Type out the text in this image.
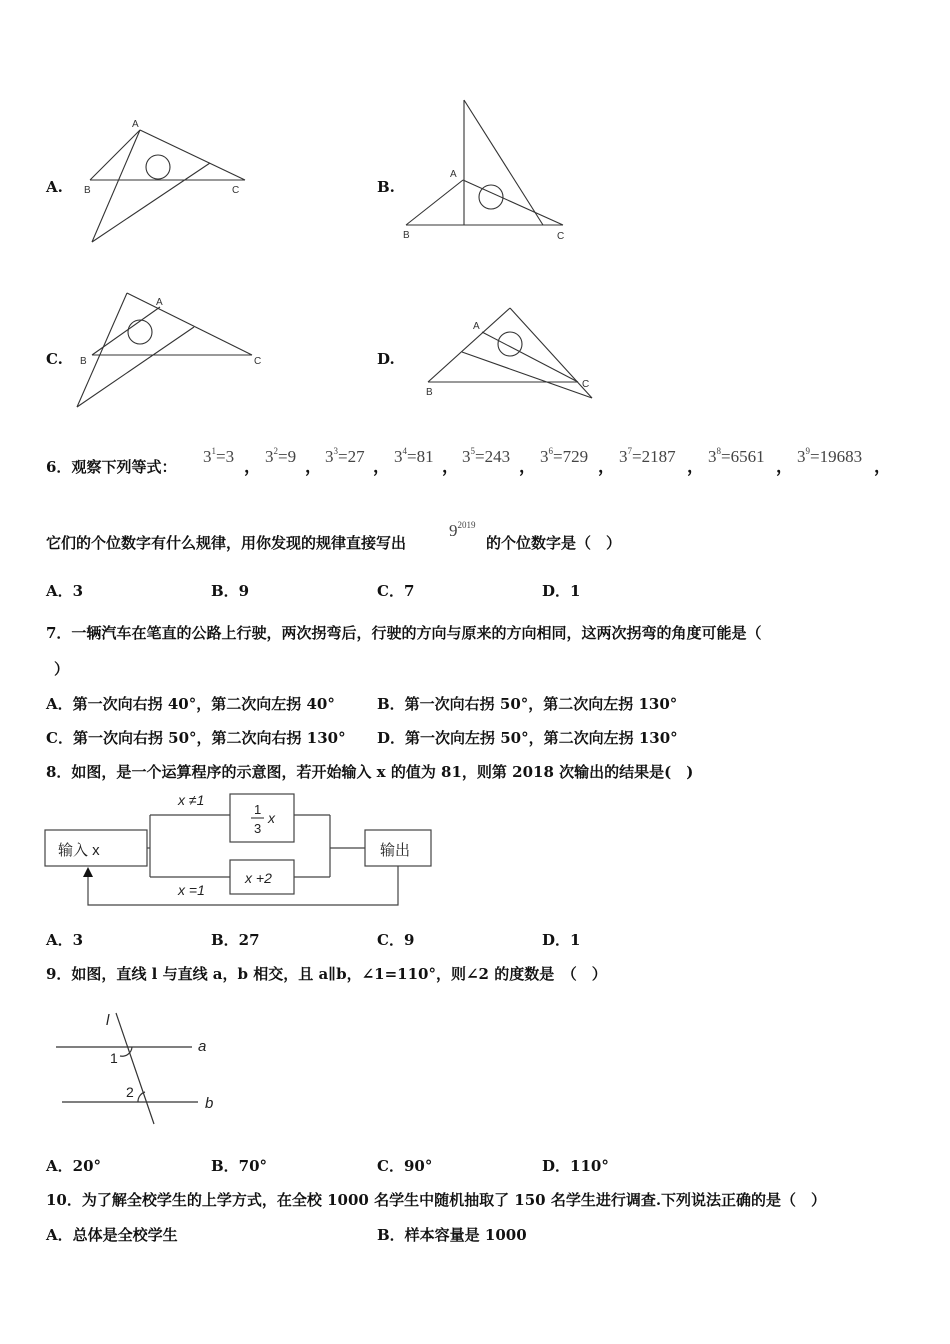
A.
A
B	C	B.
A
B	C
C.
A
B	C	D.
A
B
C
6．观察下列等式：
$3^1=3$
，
$3^2=9$
，
$3^3=27$
，
$3^4=81$
，
$3^5=243$
，
$3^6=729$
，
$3^7=2187$
，
$3^8=6561$
，
$3^9=19683$
，
它们的个位数字有什么规律，用你发现的规律直接写出
$9^{2019}$
的个位数字是（　）
A．3	B．9	C．7	D．1
7．一辆汽车在笔直的公路上行驶，两次拐弯后，行驶的方向与原来的方向相同，这两次拐弯的角度可能是（
）
A．第一次向右拐 40°，第二次向左拐 40°	B．第一次向右拐 50°，第二次向左拐 130°
C．第一次向右拐 50°，第二次向右拐 130° D．第一次向左拐 50°，第二次向左拐 130°
8．如图，是一个运算程序的示意图，若开始输入 x 的值为 81，则第 2018 次输出的结果是(　)
输入 x	输出
x ≠1
x =1
1
3
x
x +2
A．3	B．27	C．9	D．1
9．如图，直线 l 与直线 a，b 相交，且 a∥b，∠1=110°，则∠2 的度数是　（　）
l
a
b
1
2
A．20°	B．70°	C．90°	D．110°
10．为了解全校学生的上学方式，在全校 1000 名学生中随机抽取了 150 名学生进行调查.下列说法正确的是（　）
A．总体是全校学生	B．样本容量是 1000
